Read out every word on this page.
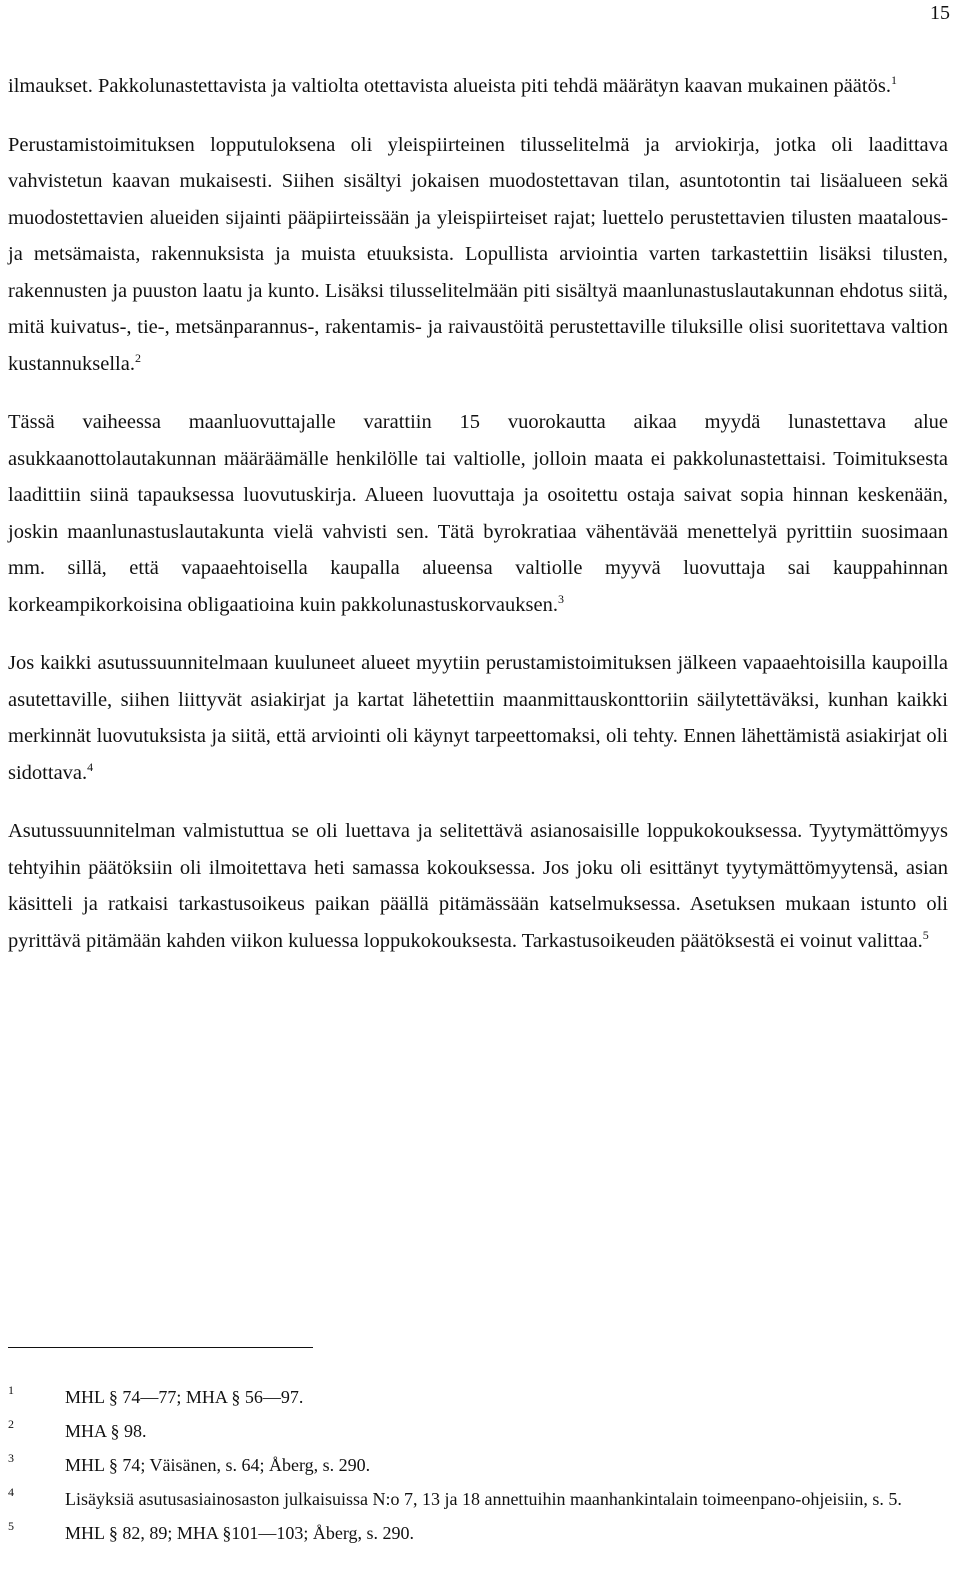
15

ilmaukset. Pakkolunastettavista ja valtiolta otettavista alueista piti tehdä määrätyn kaavan mukainen päätös.$^1$

Perustamistoimituksen lopputuloksena oli yleispiirteinen tilusselitelmä ja arviokirja, jotka oli laadittava vahvistetun kaavan mukaisesti. Siihen sisältyi jokaisen muodostettavan tilan, asuntotontin tai lisäalueen sekä muodostettavien alueiden sijainti pääpiirteissään ja yleispiirteiset rajat; luettelo perustettavien tilusten maatalous- ja metsämaista, rakennuksista ja muista etuuksista. Lopullista arviointia varten tarkastettiin lisäksi tilusten, rakennusten ja puuston laatu ja kunto. Lisäksi tilusselitelmään piti sisältyä maanlunastuslautakunnan ehdotus siitä, mitä kuivatus-, tie-, metsänparannus-, rakentamis- ja raivaustöitä perustettaville tiluksille olisi suoritettava valtion kustannuksella.$^2$

Tässä vaiheessa maanluovuttajalle varattiin 15 vuorokautta aikaa myydä lunastettava alue asukkaanottolautakunnan määräämälle henkilölle tai valtiolle, jolloin maata ei pakkolunastettaisi. Toimituksesta laadittiin siinä tapauksessa luovutuskirja. Alueen luovuttaja ja osoitettu ostaja saivat sopia hinnan keskenään, joskin maanlunastuslautakunta vielä vahvisti sen. Tätä byrokratiaa vähentävää menettelyä pyrittiin suosimaan mm. sillä, että vapaaehtoisella kaupalla alueensa valtiolle myyvä luovuttaja sai kauppahinnan korkeampikorkoisina obligaatioina kuin pakkolunastuskorvauksen.$^3$

Jos kaikki asutussuunnitelmaan kuuluneet alueet myytiin perustamistoimituksen jälkeen vapaaehtoisilla kaupoilla asutettaville, siihen liittyvät asiakirjat ja kartat lähetettiin maanmittauskonttoriin säilytettäväksi, kunhan kaikki merkinnät luovutuksista ja siitä, että arviointi oli käynyt tarpeettomaksi, oli tehty. Ennen lähettämistä asiakirjat oli sidottava.$^4$

Asutussuunnitelman valmistuttua se oli luettava ja selitettävä asianosaisille loppukokouksessa. Tyytymättömyys tehtyihin päätöksiin oli ilmoitettava heti samassa kokouksessa. Jos joku oli esittänyt tyytymättömyytensä, asian käsitteli ja ratkaisi tarkastusoikeus paikan päällä pitämässään katselmuksessa. Asetuksen mukaan istunto oli pyrittävä pitämään kahden viikon kuluessa loppukokouksesta. Tarkastusoikeuden päätöksestä ei voinut valittaa.$^5$

1	MHL § 74—77; MHA § 56—97.
2	MHA § 98.
3	MHL § 74; Väisänen, s. 64; Åberg, s. 290.
4	Lisäyksiä asutusasiainosaston julkaisuissa N:o 7, 13 ja 18 annettuihin maanhankintalain toimeenpano-ohjeisiin, s. 5.
5	MHL § 82, 89; MHA §101—103; Åberg, s. 290.
